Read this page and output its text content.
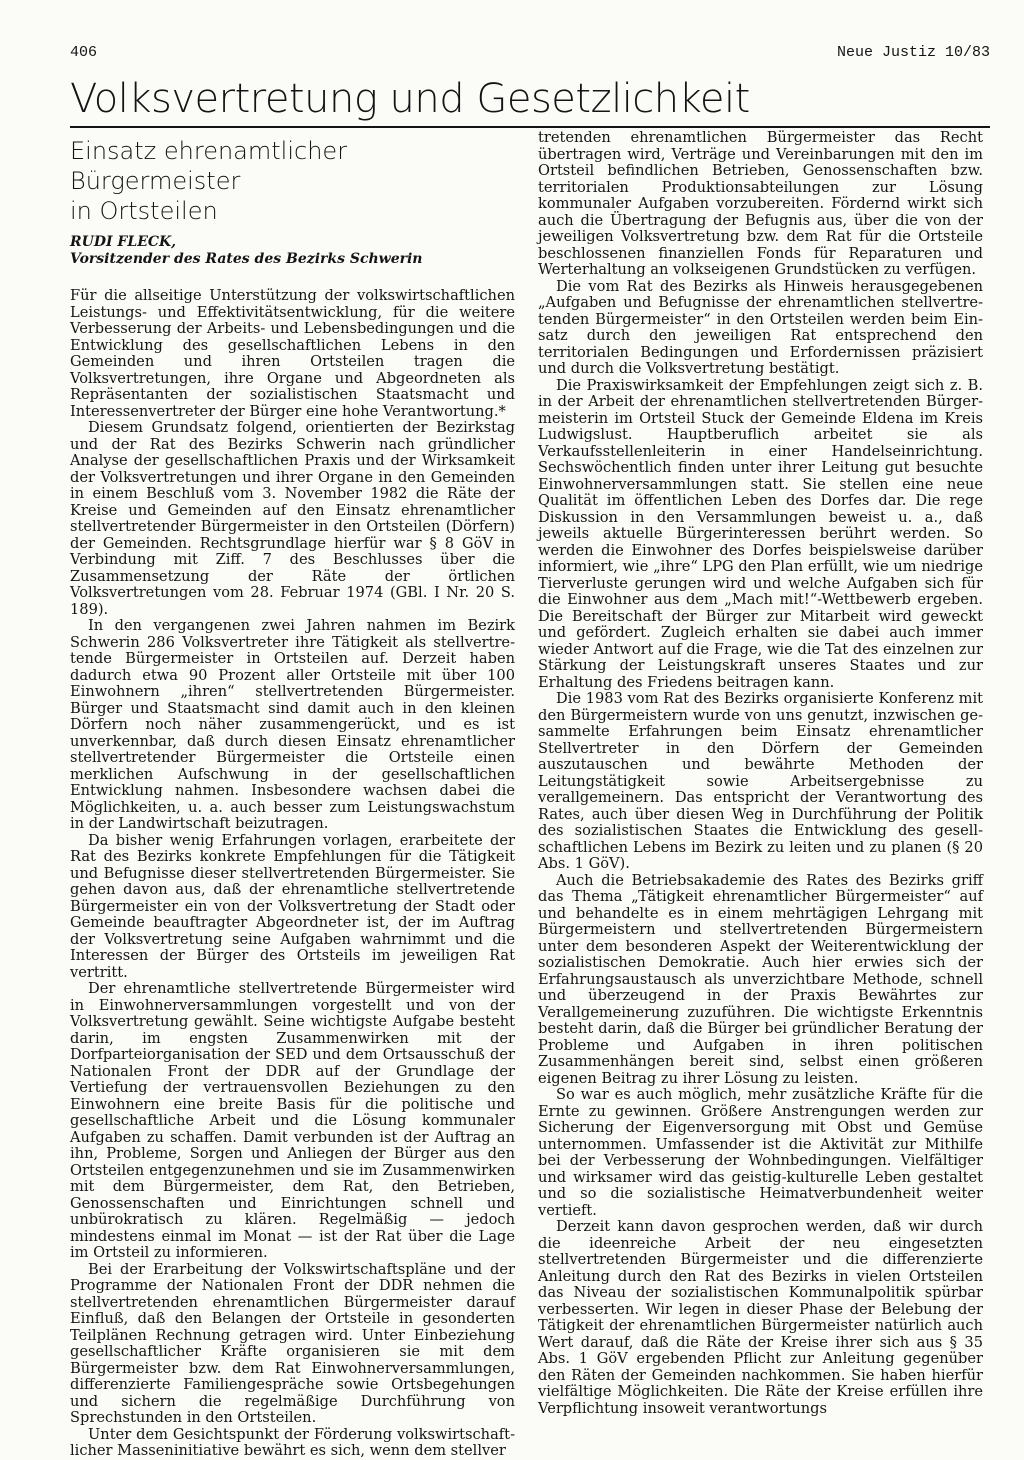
406	Neue Justiz 10/83
Volksvertretung und Gesetzlichkeit
Einsatz ehrenamtlicher Bürgermeister
in Ortsteilen
RUDI FLECK,
Vorsitzender des Rates des Bezirks Schwerin

Für die allseitige Unterstützung der volkswirtschaftlichen Leistungs- und Effektivitätsentwicklung, für die weitere Verbesserung der Arbeits- und Lebensbedingungen und die Entwicklung des gesellschaftlichen Lebens in den Gemeinden und ihren Ortsteilen tragen die Volksvertretungen, ihre Organe und Abgeordneten als Repräsentanten der sozialistischen Staatsmacht und Interessenvertreter der Bürger eine hohe Verantwortung.*

Diesem Grundsatz folgend, orientierten der Bezirkstag und der Rat des Bezirks Schwerin nach gründlicher Analyse der gesellschaftlichen Praxis und der Wirksamkeit der Volksvertretungen und ihrer Organe in den Gemeinden in einem Beschluß vom 3. November 1982 die Räte der Kreise und Gemeinden auf den Einsatz ehrenamtlicher stellvertretender Bürgermeister in den Ortsteilen (Dörfern) der Gemeinden. Rechtsgrundlage hierfür war § 8 GöV in Verbindung mit Ziff. 7 des Beschlusses über die Zusammensetzung der Räte der örtlichen Volksvertretungen vom 28. Februar 1974 (GBl. I Nr. 20 S. 189).

In den vergangenen zwei Jahren nahmen im Bezirk Schwerin 286 Volksvertreter ihre Tätigkeit als stellvertretende Bürgermeister in Ortsteilen auf. Derzeit haben dadurch etwa 90 Prozent aller Ortsteile mit über 100 Einwohnern „ihren“ stellvertretenden Bürgermeister. Bürger und Staatsmacht sind damit auch in den kleinen Dörfern noch näher zusammengerückt, und es ist unverkennbar, daß durch diesen Einsatz ehrenamtlicher stellvertretender Bürgermeister die Ortsteile einen merklichen Aufschwung in der gesellschaftlichen Entwicklung nahmen. Insbesondere wachsen dabei die Möglichkeiten, u. a. auch besser zum Leistungswachstum in der Landwirtschaft beizutragen.

Da bisher wenig Erfahrungen vorlagen, erarbeitete der Rat des Bezirks konkrete Empfehlungen für die Tätigkeit und Befugnisse dieser stellvertretenden Bürgermeister. Sie gehen davon aus, daß der ehrenamtliche stellvertretende Bürgermeister ein von der Volksvertretung der Stadt oder Gemeinde beauftragter Abgeordneter ist, der im Auftrag der Volksvertretung seine Aufgaben wahrnimmt und die Interessen der Bürger des Ortsteils im jeweiligen Rat vertritt.

Der ehrenamtliche stellvertretende Bürgermeister wird in Einwohnerversammlungen vorgestellt und von der Volksvertretung gewählt. Seine wichtigste Aufgabe besteht darin, im engsten Zusammenwirken mit der Dorfparteiorganisation der SED und dem Ortsausschuß der Nationalen Front der DDR auf der Grundlage der Vertiefung der vertrauensvollen Beziehungen zu den Einwohnern eine breite Basis für die politische und gesellschaftliche Arbeit und die Lösung kommunaler Aufgaben zu schaffen. Damit verbunden ist der Auftrag an ihn, Probleme, Sorgen und Anliegen der Bürger aus den Ortsteilen entgegenzunehmen und sie im Zusammenwirken mit dem Bürgermeister, dem Rat, den Betrieben, Genossenschaften und Einrichtungen schnell und unbürokratisch zu klären. Regelmäßig — jedoch mindestens einmal im Monat — ist der Rat über die Lage im Ortsteil zu informieren.

Bei der Erarbeitung der Volkswirtschaftspläne und der Programme der Nationalen Front der DDR nehmen die stellvertretenden ehrenamtlichen Bürgermeister darauf Einfluß, daß den Belangen der Ortsteile in gesonderten Teilplänen Rechnung getragen wird. Unter Einbeziehung gesellschaftlicher Kräfte organisieren sie mit dem Bürgermeister bzw. dem Rat Einwohnerversammlungen, differenzierte Familiengespräche sowie Ortsbegehungen und sichern die regelmäßige Durchführung von Sprechstunden in den Ortsteilen.

Unter dem Gesichtspunkt der Förderung volkswirtschaftlicher Masseninitiative bewährt es sich, wenn dem stellver

tretenden ehrenamtlichen Bürgermeister das Recht übertragen wird, Verträge und Vereinbarungen mit den im Ortsteil befindlichen Betrieben, Genossenschaften bzw. territorialen Produktionsabteilungen zur Lösung kommunaler Aufgaben vorzubereiten. Fördernd wirkt sich auch die Übertragung der Befugnis aus, über die von der jeweiligen Volksvertretung bzw. dem Rat für die Ortsteile beschlossenen finanziellen Fonds für Reparaturen und Werterhaltung an volkseigenen Grundstücken zu verfügen.

Die vom Rat des Bezirks als Hinweis herausgegebenen „Aufgaben und Befugnisse der ehrenamtlichen stellvertretenden Bürgermeister“ in den Ortsteilen werden beim Einsatz durch den jeweiligen Rat entsprechend den territorialen Bedingungen und Erfordernissen präzisiert und durch die Volksvertretung bestätigt.

Die Praxiswirksamkeit der Empfehlungen zeigt sich z. B. in der Arbeit der ehrenamtlichen stellvertretenden Bürgermeisterin im Ortsteil Stuck der Gemeinde Eldena im Kreis Ludwigslust. Hauptberuflich arbeitet sie als Verkaufsstellenleiterin in einer Handelseinrichtung. Sechswöchentlich finden unter ihrer Leitung gut besuchte Einwohnerversammlungen statt. Sie stellen eine neue Qualität im öffentlichen Leben des Dorfes dar. Die rege Diskussion in den Versammlungen beweist u. a., daß jeweils aktuelle Bürgerinteressen berührt werden. So werden die Einwohner des Dorfes beispielsweise darüber informiert, wie „ihre“ LPG den Plan erfüllt, wie um niedrige Tierverluste gerungen wird und welche Aufgaben sich für die Einwohner aus dem „Mach mit!“-Wettbewerb ergeben. Die Bereitschaft der Bürger zur Mitarbeit wird geweckt und gefördert. Zugleich erhalten sie dabei auch immer wieder Antwort auf die Frage, wie die Tat des einzelnen zur Stärkung der Leistungskraft unseres Staates und zur Erhaltung des Friedens beitragen kann.

Die 1983 vom Rat des Bezirks organisierte Konferenz mit den Bürgermeistern wurde von uns genutzt, inzwischen gesammelte Erfahrungen beim Einsatz ehrenamtlicher Stellvertreter in den Dörfern der Gemeinden auszutauschen und bewährte Methoden der Leitungstätigkeit sowie Arbeitsergebnisse zu verallgemeinern. Das entspricht der Verantwortung des Rates, auch über diesen Weg in Durchführung der Politik des sozialistischen Staates die Entwicklung des gesellschaftlichen Lebens im Bezirk zu leiten und zu planen (§ 20 Abs. 1 GöV).

Auch die Betriebsakademie des Rates des Bezirks griff das Thema „Tätigkeit ehrenamtlicher Bürgermeister“ auf und behandelte es in einem mehrtägigen Lehrgang mit Bürgermeistern und stellvertretenden Bürgermeistern unter dem besonderen Aspekt der Weiterentwicklung der sozialistischen Demokratie. Auch hier erwies sich der Erfahrungsaustausch als unverzichtbare Methode, schnell und überzeugend in der Praxis Bewährtes zur Verallgemeinerung zuzuführen. Die wichtigste Erkenntnis besteht darin, daß die Bürger bei gründlicher Beratung der Probleme und Aufgaben in ihren politischen Zusammenhängen bereit sind, selbst einen größeren eigenen Beitrag zu ihrer Lösung zu leisten.

So war es auch möglich, mehr zusätzliche Kräfte für die Ernte zu gewinnen. Größere Anstrengungen werden zur Sicherung der Eigenversorgung mit Obst und Gemüse unternommen. Umfassender ist die Aktivität zur Mithilfe bei der Verbesserung der Wohnbedingungen. Vielfältiger und wirksamer wird das geistig-kulturelle Leben gestaltet und so die sozialistische Heimatverbundenheit weiter vertieft.

Derzeit kann davon gesprochen werden, daß wir durch die ideenreiche Arbeit der neu eingesetzten stellvertretenden Bürgermeister und die differenzierte Anleitung durch den Rat des Bezirks in vielen Ortsteilen das Niveau der sozialistischen Kommunalpolitik spürbar verbesserten. Wir legen in dieser Phase der Belebung der Tätigkeit der ehrenamtlichen Bürgermeister natürlich auch Wert darauf, daß die Räte der Kreise ihrer sich aus § 35 Abs. 1 GöV ergebenden Pflicht zur Anleitung gegenüber den Räten der Gemeinden nachkommen. Sie haben hierfür vielfältige Möglichkeiten. Die Räte der Kreise erfüllen ihre Verpflichtung insoweit verantwortungs
